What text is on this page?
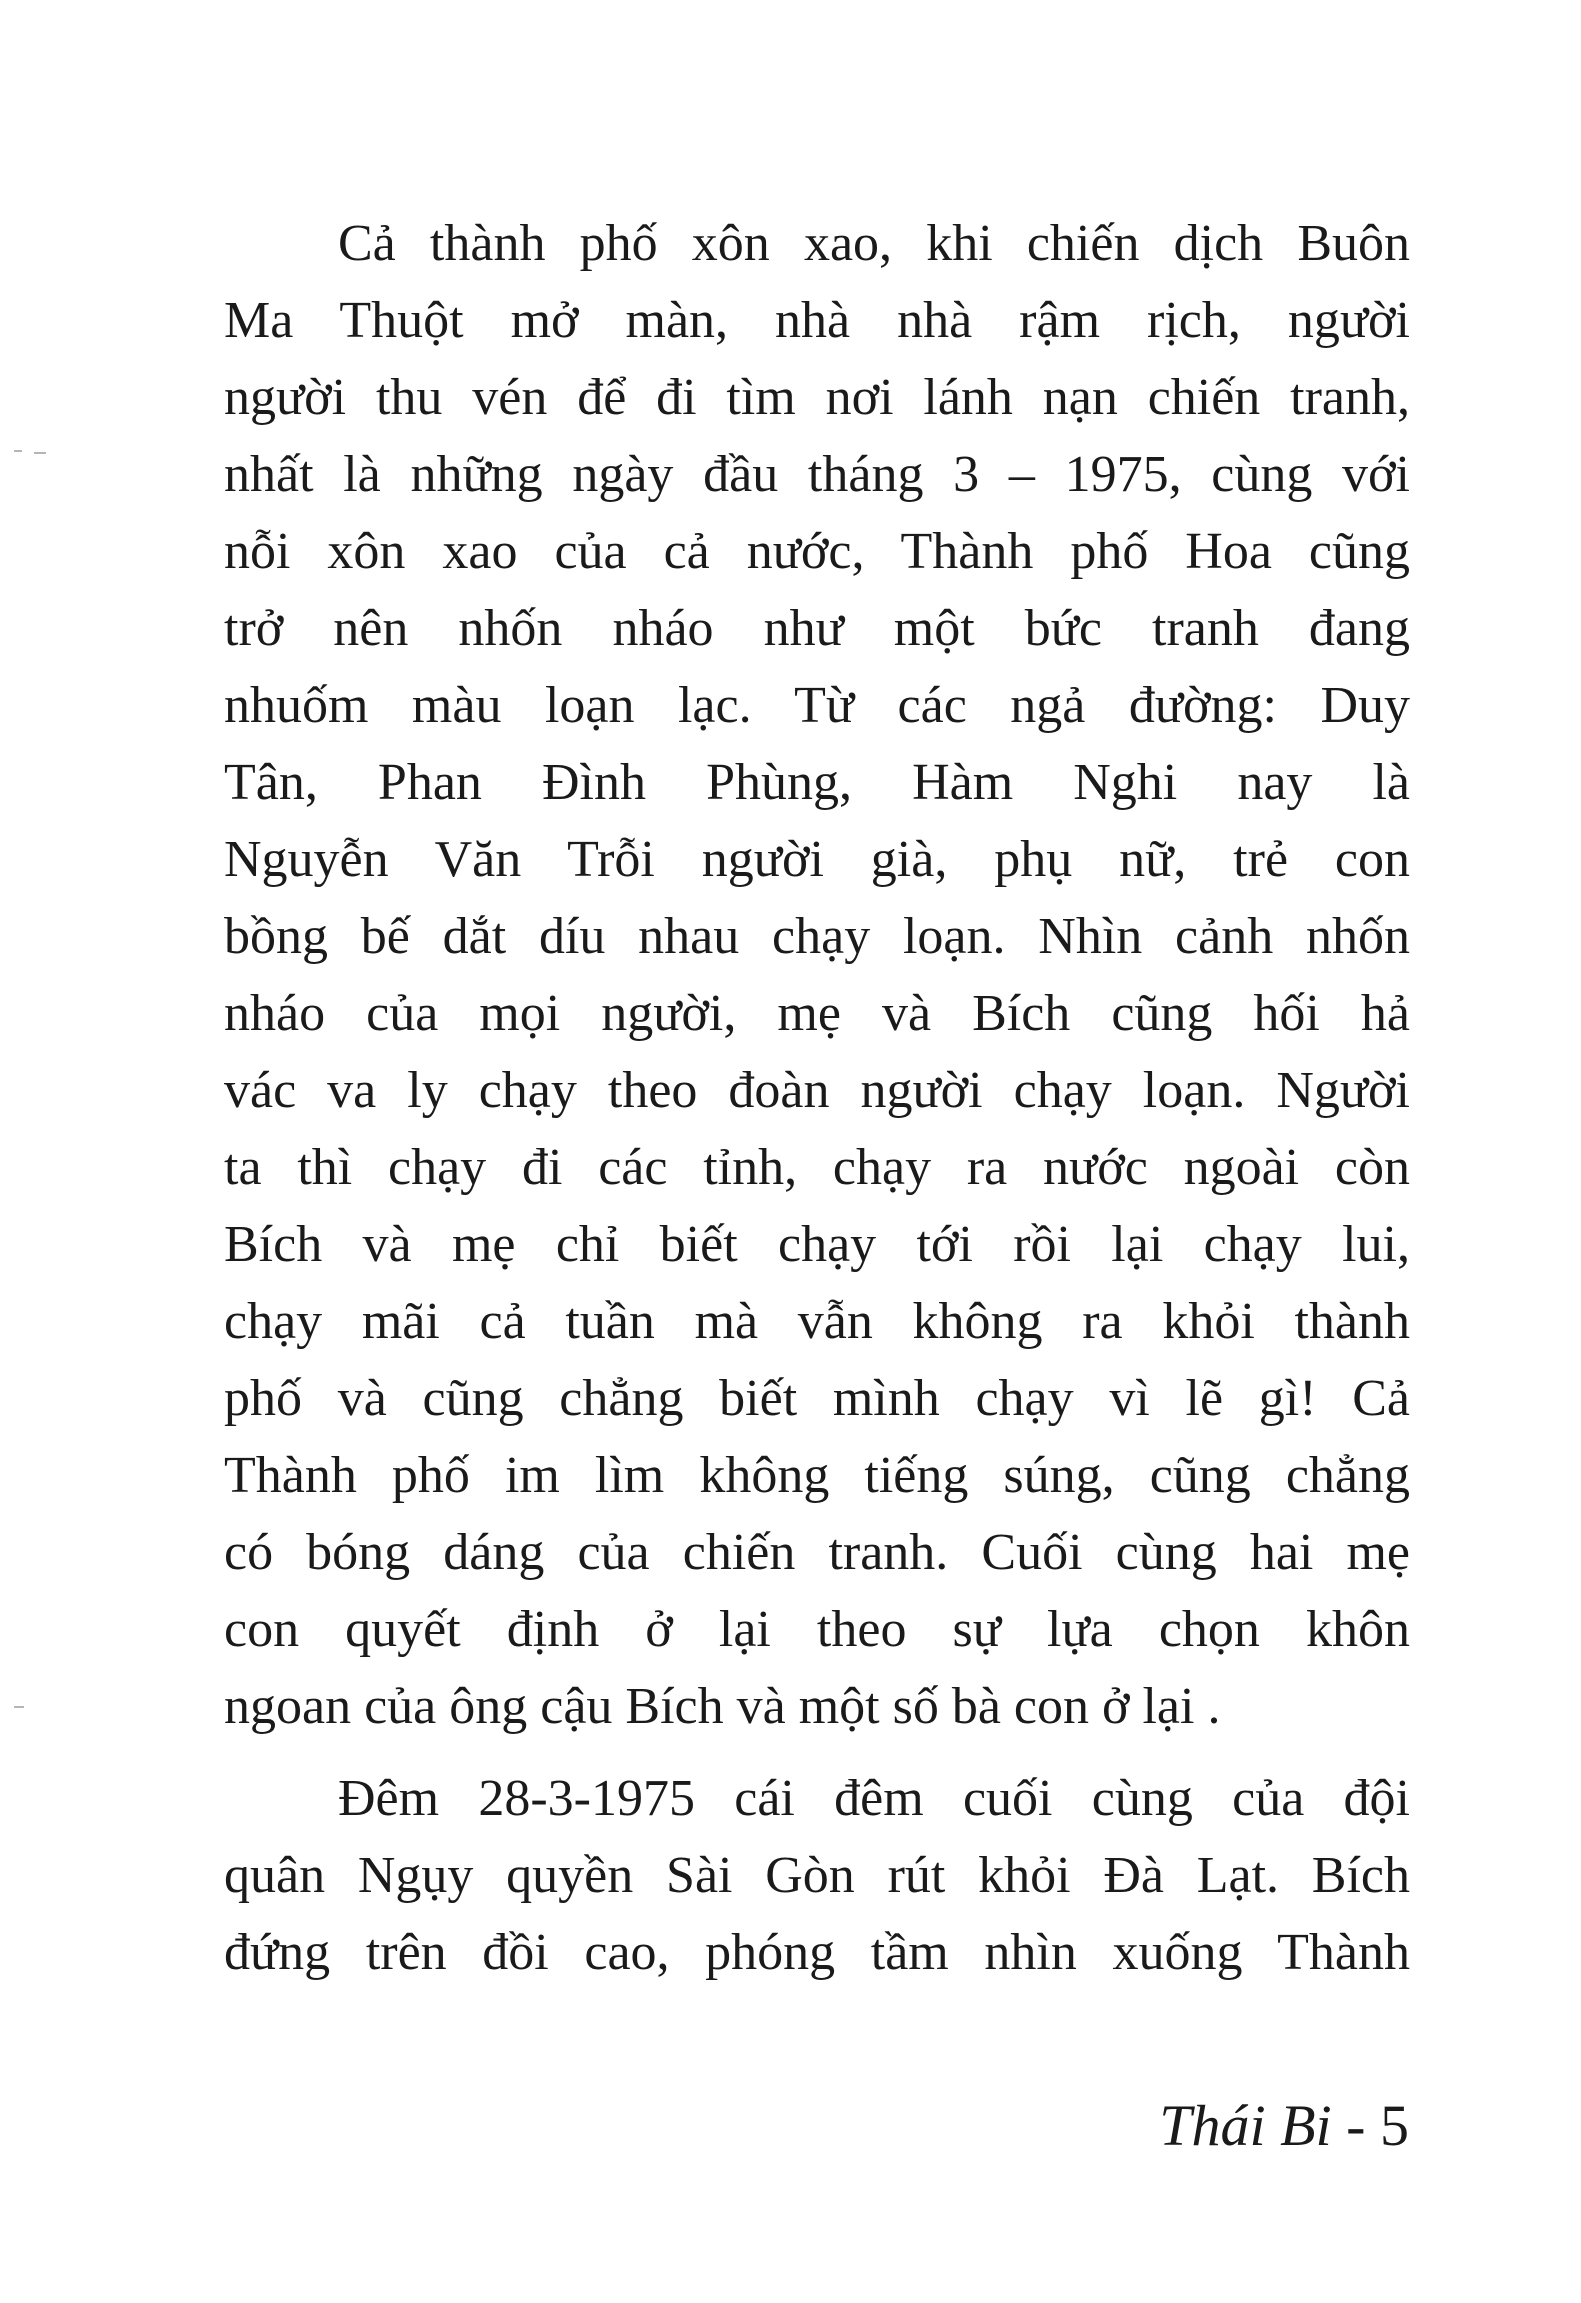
Cả thành phố xôn xao, khi chiến dịch Buôn
Ma Thuột mở màn, nhà nhà rậm rịch, người
người thu vén để đi tìm nơi lánh nạn chiến tranh,
nhất là những ngày đầu tháng 3 – 1975, cùng với
nỗi xôn xao của cả nước, Thành phố Hoa cũng
trở nên nhốn nháo như một bức tranh đang
nhuốm màu loạn lạc. Từ các ngả đường: Duy
Tân, Phan Đình Phùng, Hàm Nghi nay là
Nguyễn Văn Trỗi người già, phụ nữ, trẻ con
bồng bế dắt díu nhau chạy loạn. Nhìn cảnh nhốn
nháo của mọi người, mẹ và Bích cũng hối hả
vác va ly chạy theo đoàn người chạy loạn. Người
ta thì chạy đi các tỉnh, chạy ra nước ngoài còn
Bích và mẹ chỉ biết chạy tới rồi lại chạy lui,
chạy mãi cả tuần mà vẫn không ra khỏi thành
phố và cũng chẳng biết mình chạy vì lẽ gì! Cả
Thành phố im lìm không tiếng súng, cũng chẳng
có bóng dáng của chiến tranh. Cuối cùng hai mẹ
con quyết định ở lại theo sự lựa chọn khôn
ngoan của ông cậu Bích và một số bà con ở lại .
Đêm 28-3-1975 cái đêm cuối cùng của đội
quân Ngụy quyền Sài Gòn rút khỏi Đà Lạt. Bích
đứng trên đồi cao, phóng tầm nhìn xuống Thành
Thái Bi - 5
